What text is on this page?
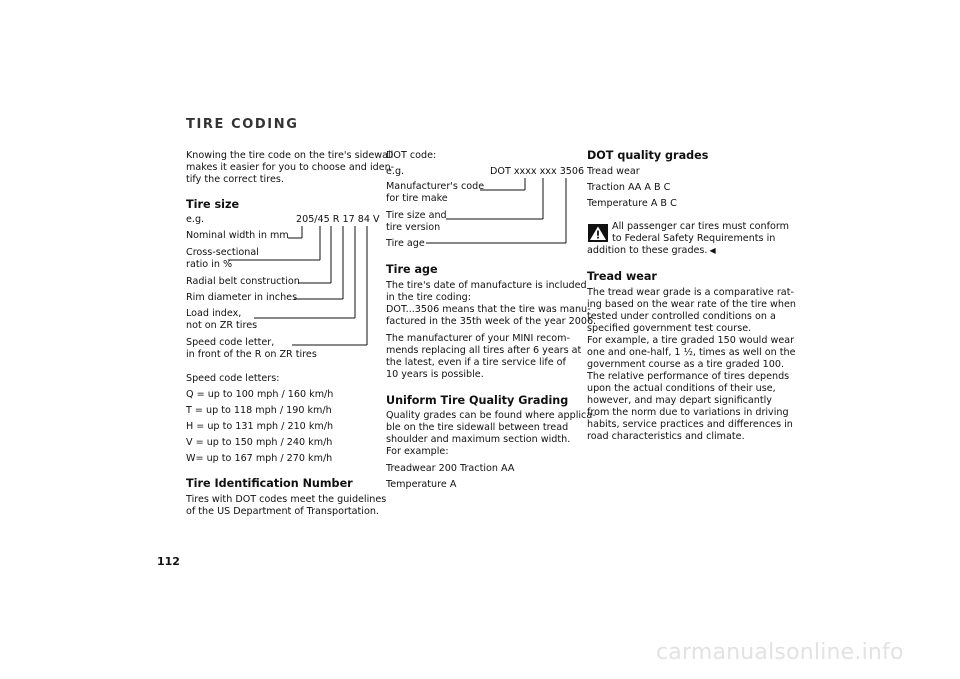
TIRE CODING
Knowing the tire code on the tire's sidewall
makes it easier for you to choose and iden-
tify the correct tires.
Tire size
e.g.	205/45 R 17 84 V
Nominal width in mm
Cross-sectional
ratio in %
Radial belt construction
Rim diameter in inches
Load index,
not on ZR tires
Speed code letter,
in front of the R on ZR tires
Speed code letters:
Q = up to 100 mph / 160 km/h
T = up to 118 mph / 190 km/h
H = up to 131 mph / 210 km/h
V = up to 150 mph / 240 km/h
W= up to 167 mph / 270 km/h
Tire Identification Number
Tires with DOT codes meet the guidelines
of the US Department of Transportation.
DOT code:
e.g.	DOT xxxx xxx 3506
Manufacturer's code
for tire make
Tire size and
tire version
Tire age
Tire age
The tire's date of manufacture is included
in the tire coding:
DOT...3506 means that the tire was manu-
factured in the 35th week of the year 2006.
The manufacturer of your MINI recom-
mends replacing all tires after 6 years at
the latest, even if a tire service life of
10 years is possible.
Uniform Tire Quality Grading
Quality grades can be found where applica-
ble on the tire sidewall between tread
shoulder and maximum section width.
For example:
Treadwear 200 Traction AA
Temperature A
DOT quality grades
Tread wear
Traction AA A B C
Temperature A B C
All passenger car tires must conform
to Federal Safety Requirements in
addition to these grades. ◀
Tread wear
The tread wear grade is a comparative rat-
ing based on the wear rate of the tire when
tested under controlled conditions on a
specified government test course.
For example, a tire graded 150 would wear
one and one-half, 1 ½, times as well on the
government course as a tire graded 100.
The relative performance of tires depends
upon the actual conditions of their use,
however, and may depart significantly
from the norm due to variations in driving
habits, service practices and differences in
road characteristics and climate.
112
carmanualsonline.info
